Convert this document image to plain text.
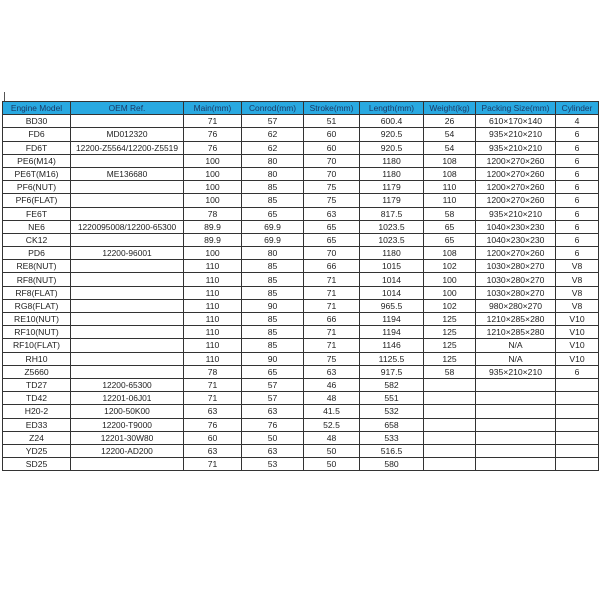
Engine Model	OEM Ref.	Main(mm)	Conrod(mm)	Stroke(mm)	Length(mm)	Weight(kg)	Packing Size(mm)	Cylinder
BD30		71	57	51	600.4	26	610×170×140	4
FD6	MD012320	76	62	60	920.5	54	935×210×210	6
FD6T	12200-Z5564/12200-Z5519	76	62	60	920.5	54	935×210×210	6
PE6(M14)		100	80	70	1180	108	1200×270×260	6
PE6T(M16)	ME136680	100	80	70	1180	108	1200×270×260	6
PF6(NUT)		100	85	75	1179	110	1200×270×260	6
PF6(FLAT)		100	85	75	1179	110	1200×270×260	6
FE6T		78	65	63	817.5	58	935×210×210	6
NE6	1220095008/12200-65300	89.9	69.9	65	1023.5	65	1040×230×230	6
CK12		89.9	69.9	65	1023.5	65	1040×230×230	6
PD6	12200-96001	100	80	70	1180	108	1200×270×260	6
RE8(NUT)		110	85	66	1015	102	1030×280×270	V8
RF8(NUT)		110	85	71	1014	100	1030×280×270	V8
RF8(FLAT)		110	85	71	1014	100	1030×280×270	V8
RG8(FLAT)		110	90	71	965.5	102	980×280×270	V8
RE10(NUT)		110	85	66	1194	125	1210×285×280	V10
RF10(NUT)		110	85	71	1194	125	1210×285×280	V10
RF10(FLAT)		110	85	71	1146	125	N/A	V10
RH10		110	90	75	1125.5	125	N/A	V10
Z5660		78	65	63	917.5	58	935×210×210	6
TD27	12200-65300	71	57	46	582			
TD42	12201-06J01	71	57	48	551			
H20-2	1200-50K00	63	63	41.5	532			
ED33	12200-T9000	76	76	52.5	658			
Z24	12201-30W80	60	50	48	533			
YD25	12200-AD200	63	63	50	516.5			
SD25		71	53	50	580			
